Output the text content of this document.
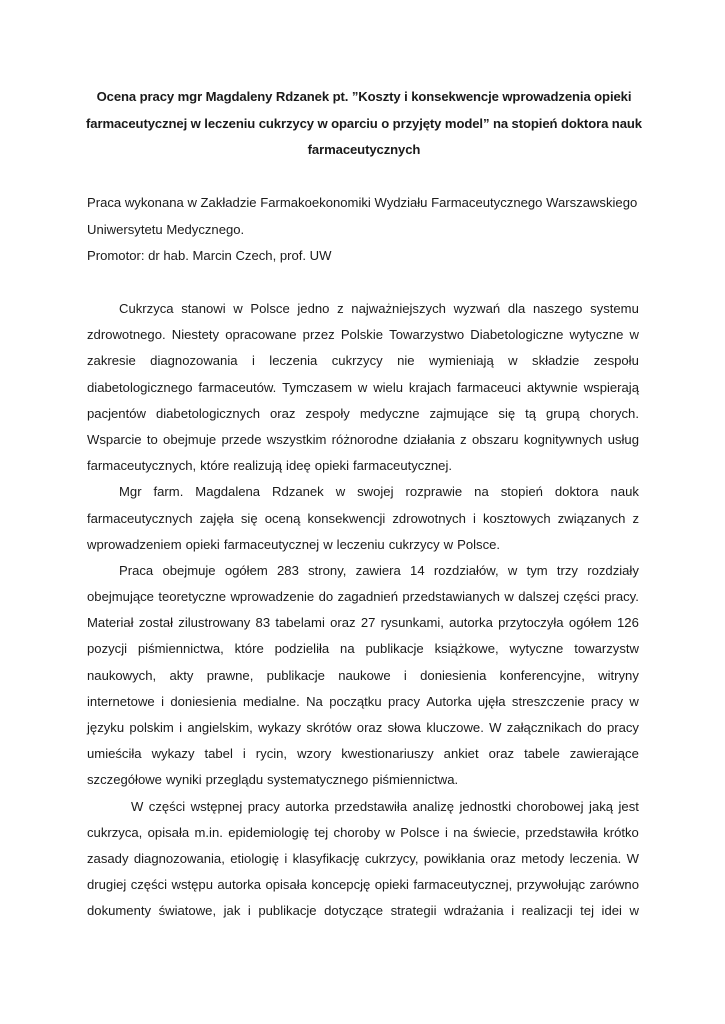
Ocena pracy mgr Magdaleny Rdzanek pt. ”Koszty i konsekwencje wprowadzenia opieki
farmaceutycznej w leczeniu cukrzycy w oparciu o przyjęty model” na stopień doktora nauk
farmaceutycznych
Praca wykonana w Zakładzie Farmakoekonomiki Wydziału Farmaceutycznego Warszawskiego
Uniwersytetu Medycznego.
Promotor: dr hab. Marcin Czech, prof. UW
Cukrzyca stanowi w Polsce jedno z najważniejszych wyzwań dla naszego systemu
zdrowotnego. Niestety opracowane przez Polskie Towarzystwo Diabetologiczne wytyczne w
zakresie diagnozowania i leczenia cukrzycy nie wymieniają w składzie zespołu
diabetologicznego farmaceutów. Tymczasem w wielu krajach farmaceuci aktywnie wspierają
pacjentów diabetologicznych oraz zespoły medyczne zajmujące się tą grupą chorych.
Wsparcie to obejmuje przede wszystkim różnorodne działania z obszaru kognitywnych usług
farmaceutycznych, które realizują ideę opieki farmaceutycznej.
Mgr farm. Magdalena Rdzanek w swojej rozprawie na stopień doktora nauk
farmaceutycznych zajęła się oceną konsekwencji zdrowotnych i kosztowych związanych z
wprowadzeniem opieki farmaceutycznej w leczeniu cukrzycy w Polsce.
Praca obejmuje ogółem 283 strony, zawiera 14 rozdziałów, w tym trzy rozdziały
obejmujące teoretyczne wprowadzenie do zagadnień przedstawianych w dalszej części pracy.
Materiał został zilustrowany 83 tabelami oraz 27 rysunkami, autorka przytoczyła ogółem 126
pozycji piśmiennictwa, które podzieliła na publikacje książkowe, wytyczne towarzystw
naukowych, akty prawne, publikacje naukowe i doniesienia konferencyjne, witryny
internetowe i doniesienia medialne. Na początku pracy Autorka ujęła streszczenie pracy w
języku polskim i angielskim, wykazy skrótów oraz słowa kluczowe. W załącznikach do pracy
umieściła wykazy tabel i rycin, wzory kwestionariuszy ankiet oraz tabele zawierające
szczegółowe wyniki przeglądu systematycznego piśmiennictwa.
W części wstępnej pracy autorka przedstawiła analizę jednostki chorobowej jaką jest
cukrzyca, opisała m.in. epidemiologię tej choroby w Polsce i na świecie, przedstawiła krótko
zasady diagnozowania, etiologię i klasyfikację cukrzycy, powikłania oraz metody leczenia. W
drugiej części wstępu autorka opisała koncepcję opieki farmaceutycznej, przywołując zarówno
dokumenty światowe, jak i publikacje dotyczące strategii wdrażania i realizacji tej idei w
